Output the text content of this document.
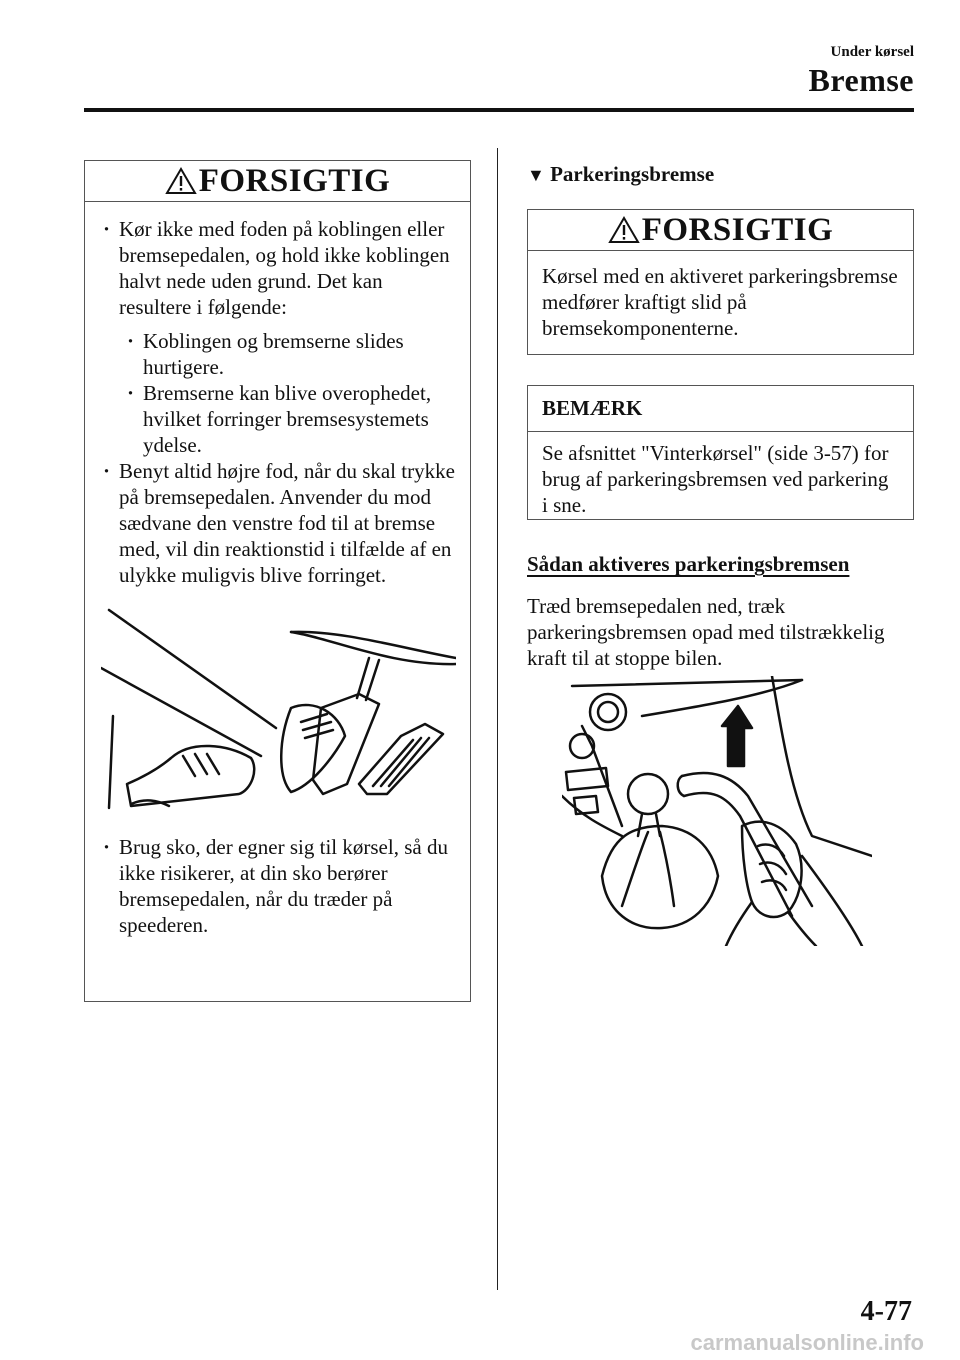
Under kørsel
Bremse
FORSIGTIG
· Kør ikke med foden på koblingen eller bremsepedalen, og hold ikke koblingen halvt nede uden grund. Det kan resultere i følgende:
· Koblingen og bremserne slides hurtigere.
· Bremserne kan blive overophedet, hvilket forringer bremsesystemets ydelse.
· Benyt altid højre fod, når du skal trykke på bremsepedalen. Anvender du mod sædvane den venstre fod til at bremse med, vil din reaktionstid i tilfælde af en ulykke muligvis blive forringet.
· Brug sko, der egner sig til kørsel, så du ikke risikerer, at din sko berører bremsepedalen, når du træder på speederen.
▼ Parkeringsbremse
FORSIGTIG
Kørsel med en aktiveret parkeringsbremse medfører kraftigt slid på bremsekomponenterne.
BEMÆRK
Se afsnittet "Vinterkørsel" (side 3-57) for brug af parkeringsbremsen ved parkering i sne.
Sådan aktiveres parkeringsbremsen
Træd bremsepedalen ned, træk parkeringsbremsen opad med tilstrækkelig kraft til at stoppe bilen.
4-77
carmanualsonline.info
